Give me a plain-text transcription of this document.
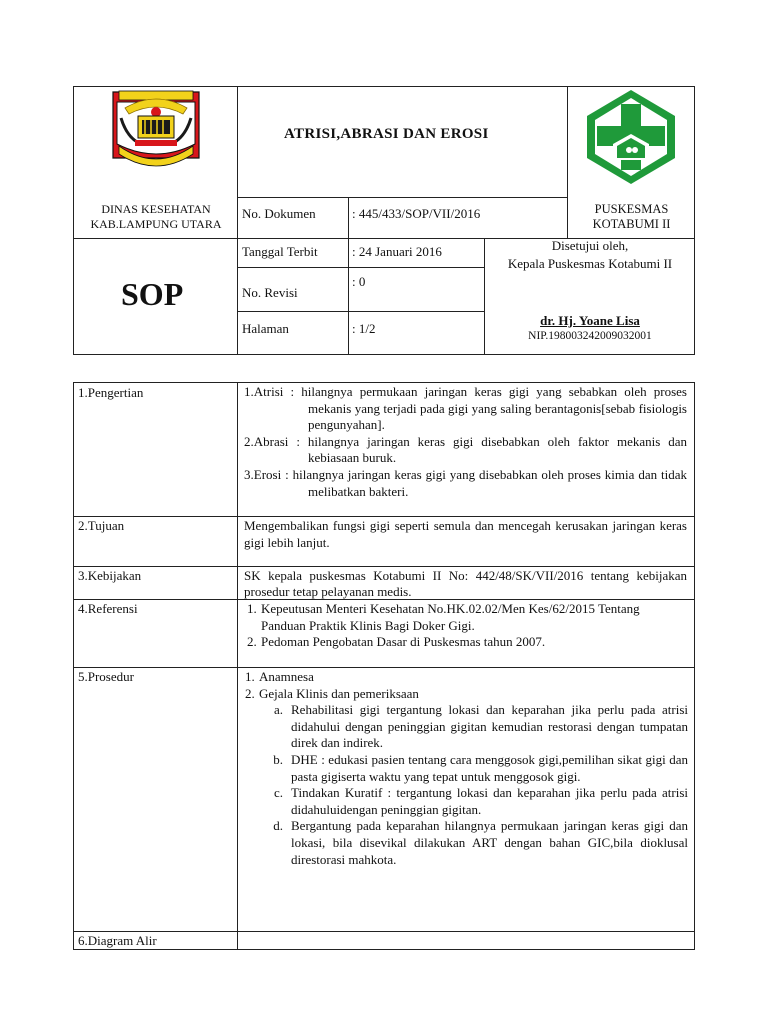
ATRISI,ABRASI DAN EROSI
DINAS KESEHATAN
KAB.LAMPUNG UTARA
No. Dokumen	: 445/433/SOP/VII/2016	PUSKESMAS
KOTABUMI II
SOP
Tanggal Terbit	: 24 Januari 2016
No. Revisi
: 0
Halaman	: 1/2
Disetujui oleh,
Kepala Puskesmas Kotabumi II
dr. Hj. Yoane Lisa
NIP.198003242009032001
1.Pengertian	1.Atrisi : hilangnya permukaan jaringan keras gigi yang sebabkan oleh proses mekanis yang terjadi pada gigi yang saling berantagonis[sebab fisiologis pengunyahan].

2.Abrasi : hilangnya jaringan keras gigi disebabkan oleh faktor mekanis dan kebiasaan buruk.

3.Erosi : hilangnya jaringan keras gigi yang disebabkan oleh proses kimia dan tidak melibatkan bakteri.

2.Tujuan	Mengembalikan fungsi gigi seperti semula dan mencegah kerusakan jaringan keras gigi lebih lanjut.
3.Kebijakan	SK kepala puskesmas Kotabumi II No: 442/48/SK/VII/2016 tentang kebijakan prosedur tetap pelayanan medis.
4.Referensi	1. Kepeutusan Menteri Kesehatan No.HK.02.02/Men Kes/62/2015 Tentang Panduan Praktik Klinis Bagi Doker Gigi.
2. Pedoman Pengobatan Dasar di Puskesmas tahun 2007.
5.Prosedur	1. Anamnesa
2. Gejala Klinis dan pemeriksaan
a. Rehabilitasi gigi tergantung lokasi dan keparahan jika perlu pada atrisi didahului dengan peninggian gigitan kemudian restorasi dengan tumpatan direk dan indirek.
b. DHE : edukasi pasien tentang cara menggosok gigi,pemilihan sikat gigi dan pasta gigiserta waktu yang tepat untuk menggosok gigi.
c. Tindakan Kuratif : tergantung lokasi dan keparahan jika perlu pada atrisi didahuluidengan peninggian gigitan.
d. Bergantung pada keparahan hilangnya permukaan jaringan keras gigi dan lokasi, bila disevikal dilakukan ART dengan bahan GIC,bila dioklusal direstorasi mahkota.
6.Diagram Alir
